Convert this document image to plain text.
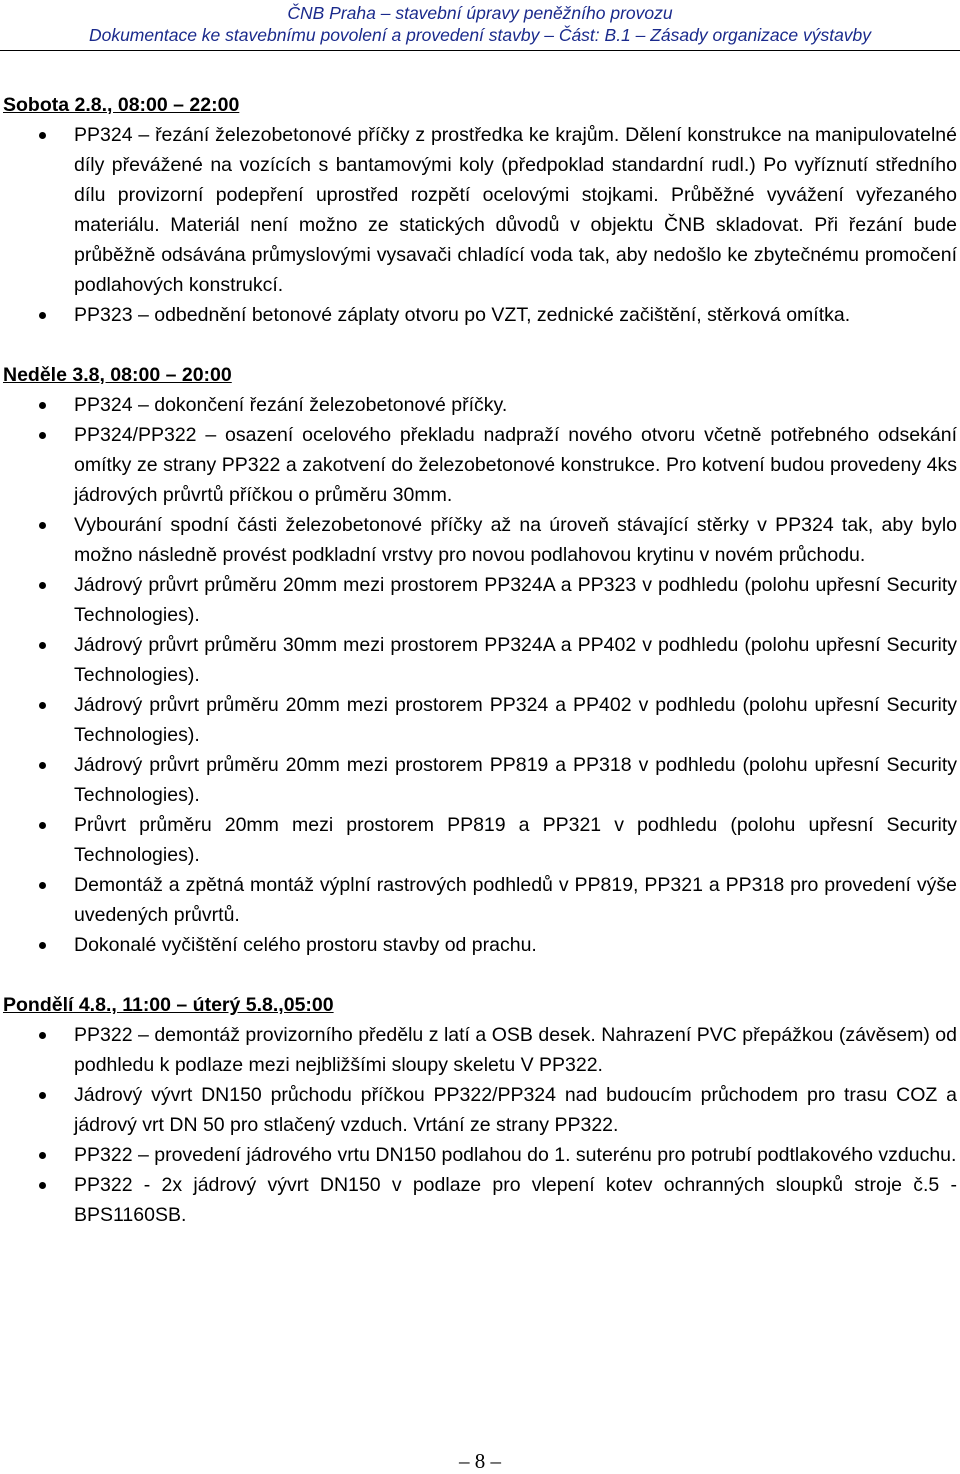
ČNB Praha – stavební úpravy peněžního provozu
Dokumentace ke stavebnímu povolení a provedení stavby – Část: B.1 – Zásady organizace výstavby

Sobota 2.8., 08:00 – 22:00

PP324 – řezání železobetonové příčky z prostředka ke krajům. Dělení konstrukce na manipulovatelné díly převážené na vozících s bantamovými koly (předpoklad standardní rudl.) Po vyříznutí středního dílu provizorní podepření uprostřed rozpětí ocelovými stojkami. Průběžné vyvážení vyřezaného materiálu. Materiál není možno ze statických důvodů v objektu ČNB skladovat. Při řezání bude průběžně odsávána průmyslovými vysavači chladící voda tak, aby nedošlo ke zbytečnému promočení podlahových konstrukcí.
PP323 – odbednění betonové záplaty otvoru po VZT, zednické začištění, stěrková omítka.

Neděle 3.8, 08:00 – 20:00

PP324 – dokončení řezání železobetonové příčky.
PP324/PP322 – osazení ocelového překladu nadpraží nového otvoru včetně potřebného odsekání omítky ze strany PP322 a zakotvení do železobetonové konstrukce. Pro kotvení budou provedeny 4ks jádrových průvrtů příčkou o průměru 30mm.
Vybourání spodní části železobetonové příčky až na úroveň stávající stěrky v PP324 tak, aby bylo možno následně provést podkladní vrstvy pro novou podlahovou krytinu v novém průchodu.
Jádrový průvrt průměru 20mm mezi prostorem PP324A a PP323 v podhledu (polohu upřesní Security Technologies).
Jádrový průvrt průměru 30mm mezi prostorem PP324A a PP402 v podhledu (polohu upřesní Security Technologies).
Jádrový průvrt průměru 20mm mezi prostorem PP324 a PP402 v podhledu (polohu upřesní Security Technologies).
Jádrový průvrt průměru 20mm mezi prostorem PP819 a PP318 v podhledu (polohu upřesní Security Technologies).
Průvrt průměru 20mm mezi prostorem PP819 a PP321 v podhledu (polohu upřesní Security Technologies).
Demontáž a zpětná montáž výplní rastrových podhledů v PP819, PP321 a PP318 pro provedení výše uvedených průvrtů.
Dokonalé vyčištění celého prostoru stavby od prachu.

Pondělí 4.8., 11:00 – úterý 5.8.,05:00

PP322 – demontáž provizorního předělu z latí a OSB desek. Nahrazení PVC přepážkou (závěsem) od podhledu k podlaze mezi nejbližšími sloupy skeletu V PP322.
Jádrový vývrt DN150 průchodu příčkou PP322/PP324 nad budoucím průchodem pro trasu COZ a jádrový vrt DN 50 pro stlačený vzduch. Vrtání ze strany PP322.
PP322 – provedení jádrového vrtu DN150 podlahou do 1. suterénu pro potrubí podtlakového vzduchu.
PP322 - 2x jádrový vývrt DN150 v podlaze pro vlepení kotev ochranných sloupků stroje č.5 - BPS1160SB.
– 8 –
